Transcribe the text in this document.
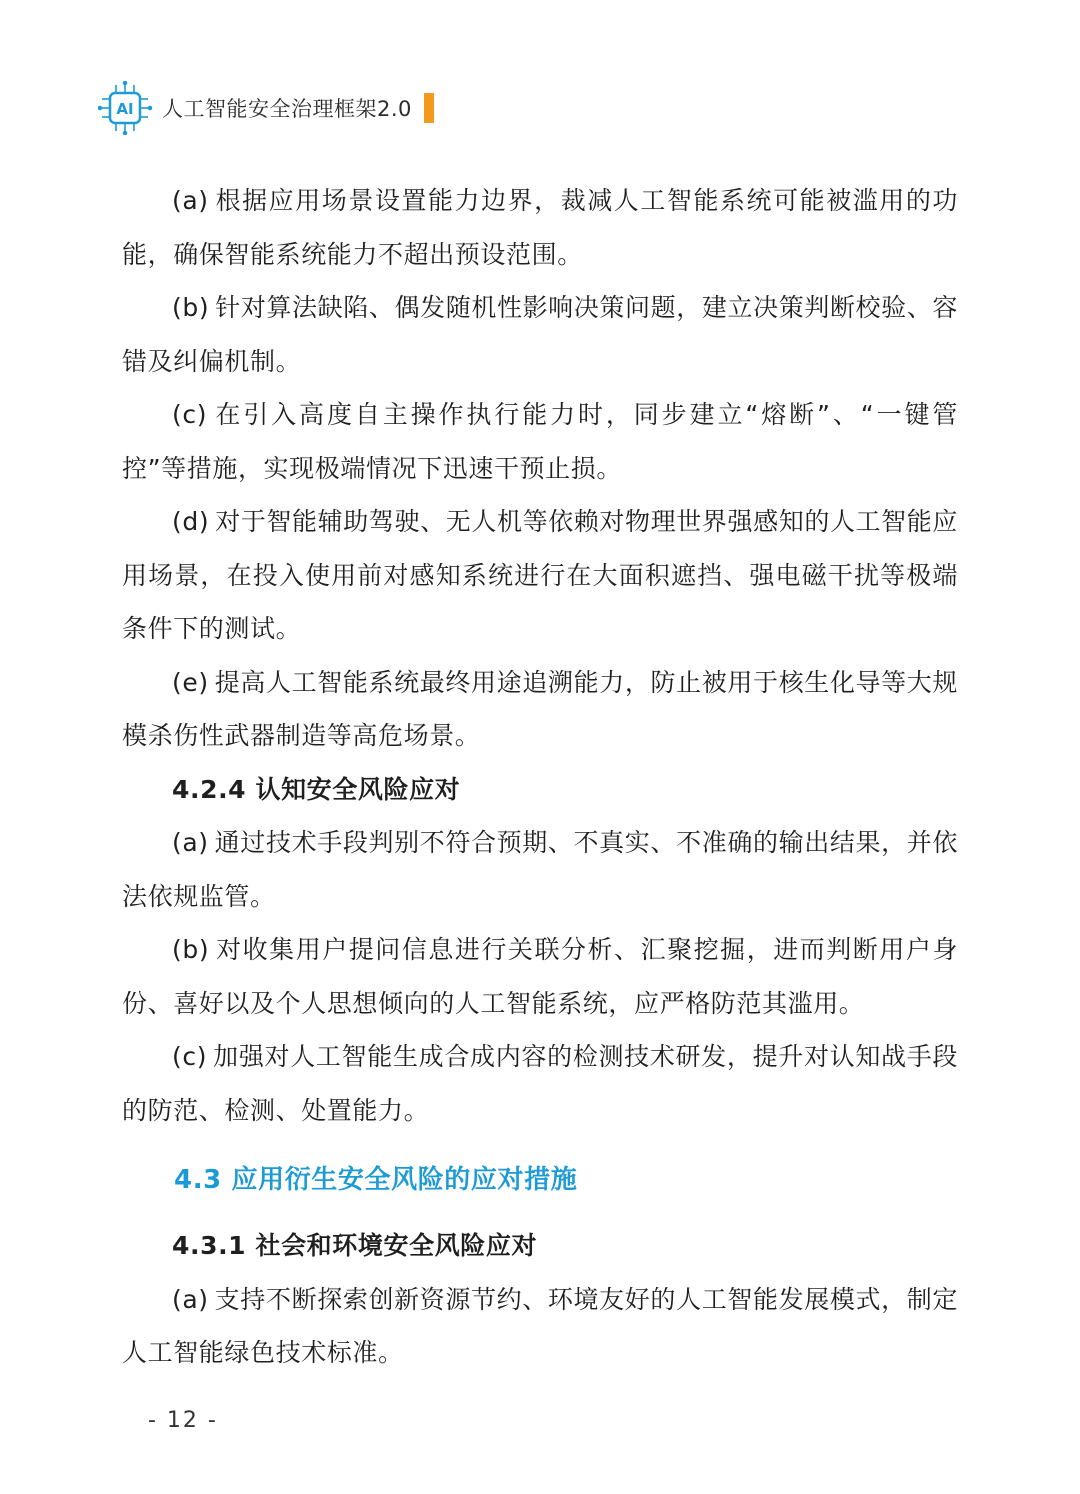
AI 人工智能安全治理框架2.0

(a) 根据应用场景设置能力边界，裁减人工智能系统可能被滥用的功能，确保智能系统能力不超出预设范围。

(b) 针对算法缺陷、偶发随机性影响决策问题，建立决策判断校验、容错及纠偏机制。

(c) 在引入高度自主操作执行能力时，同步建立“熔断”、“一键管控”等措施，实现极端情况下迅速干预止损。

(d) 对于智能辅助驾驶、无人机等依赖对物理世界强感知的人工智能应用场景，在投入使用前对感知系统进行在大面积遮挡、强电磁干扰等极端条件下的测试。

(e) 提高人工智能系统最终用途追溯能力，防止被用于核生化导等大规模杀伤性武器制造等高危场景。

4.2.4 认知安全风险应对

(a) 通过技术手段判别不符合预期、不真实、不准确的输出结果，并依法依规监管。

(b) 对收集用户提问信息进行关联分析、汇聚挖掘，进而判断用户身份、喜好以及个人思想倾向的人工智能系统，应严格防范其滥用。

(c) 加强对人工智能生成合成内容的检测技术研发，提升对认知战手段的防范、检测、处置能力。

4.3 应用衍生安全风险的应对措施

4.3.1 社会和环境安全风险应对

(a) 支持不断探索创新资源节约、环境友好的人工智能发展模式，制定人工智能绿色技术标准。

- 12 -
